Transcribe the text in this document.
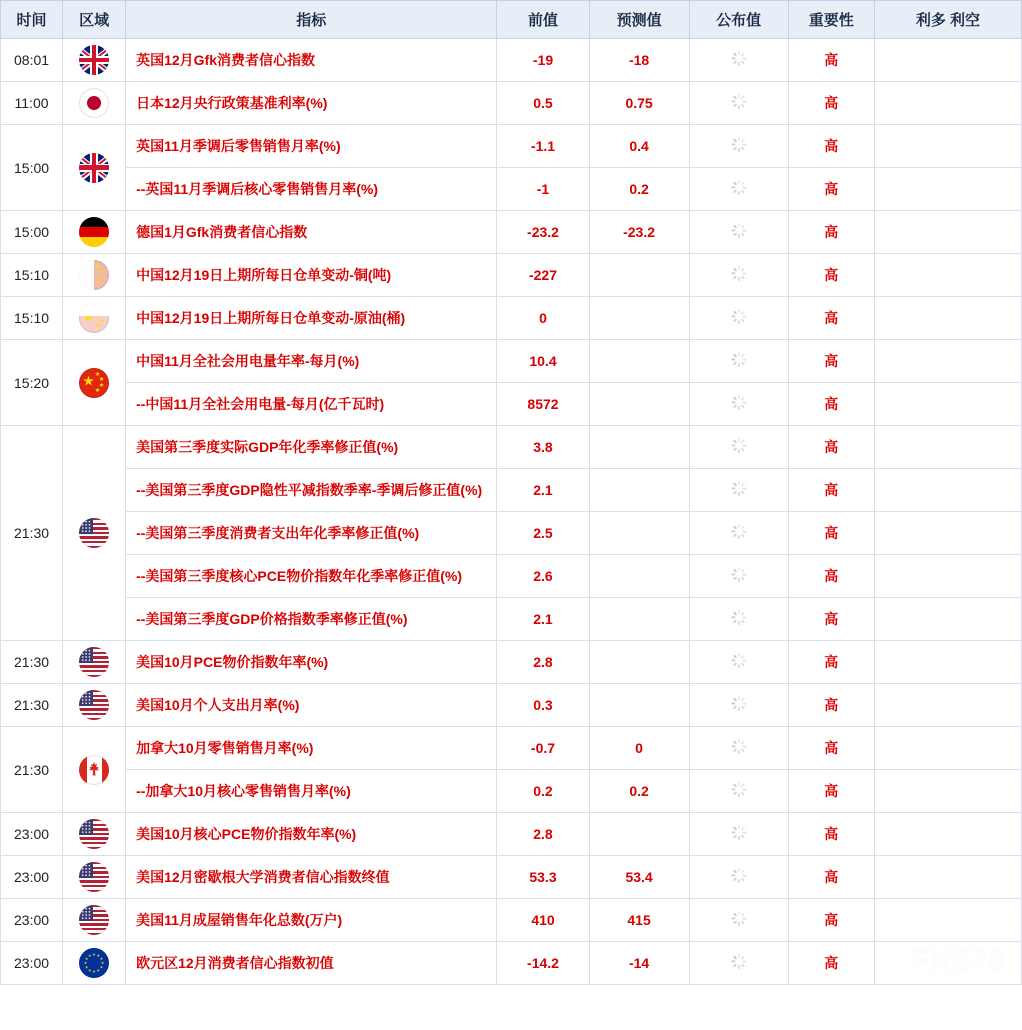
时间	区域	指标	前值	预测值	公布值	重要性	利多 利空
08:01		英国12月Gfk消费者信心指数	-19	-18		高	
11:00		日本12月央行政策基准利率(%)	0.5	0.75		高	
15:00		英国11月季调后零售销售月率(%)	-1.1	0.4		高	
		--英国11月季调后核心零售销售月率(%)	-1	0.2		高	
15:00		德国1月Gfk消费者信心指数	-23.2	-23.2		高	
15:10		中国12月19日上期所每日仓单变动-铜(吨)	-227			高	
15:10		中国12月19日上期所每日仓单变动-原油(桶)	0			高	
15:20		中国11月全社会用电量年率-每月(%)	10.4			高	
		--中国11月全社会用电量-每月(亿千瓦时)	8572			高	
21:30		美国第三季度实际GDP年化季率修正值(%)	3.8			高	
		--美国第三季度GDP隐性平减指数季率-季调后修正值(%)	2.1			高	
		--美国第三季度消费者支出年化季率修正值(%)	2.5			高	
		--美国第三季度核心PCE物价指数年化季率修正值(%)	2.6			高	
		--美国第三季度GDP价格指数季率修正值(%)	2.1			高	
21:30		美国10月PCE物价指数年率(%)	2.8			高	
21:30		美国10月个人支出月率(%)	0.3			高	
21:30		加拿大10月零售销售月率(%)	-0.7	0		高	
		--加拿大10月核心零售销售月率(%)	0.2	0.2		高	
23:00		美国10月核心PCE物价指数年率(%)	2.8			高	
23:00		美国12月密歇根大学消费者信心指数终值	53.3	53.4		高	
23:00		美国11月成屋销售年化总数(万户)	410	415		高	
23:00		欧元区12月消费者信心指数初值	-14.2	-14		高	FX678
